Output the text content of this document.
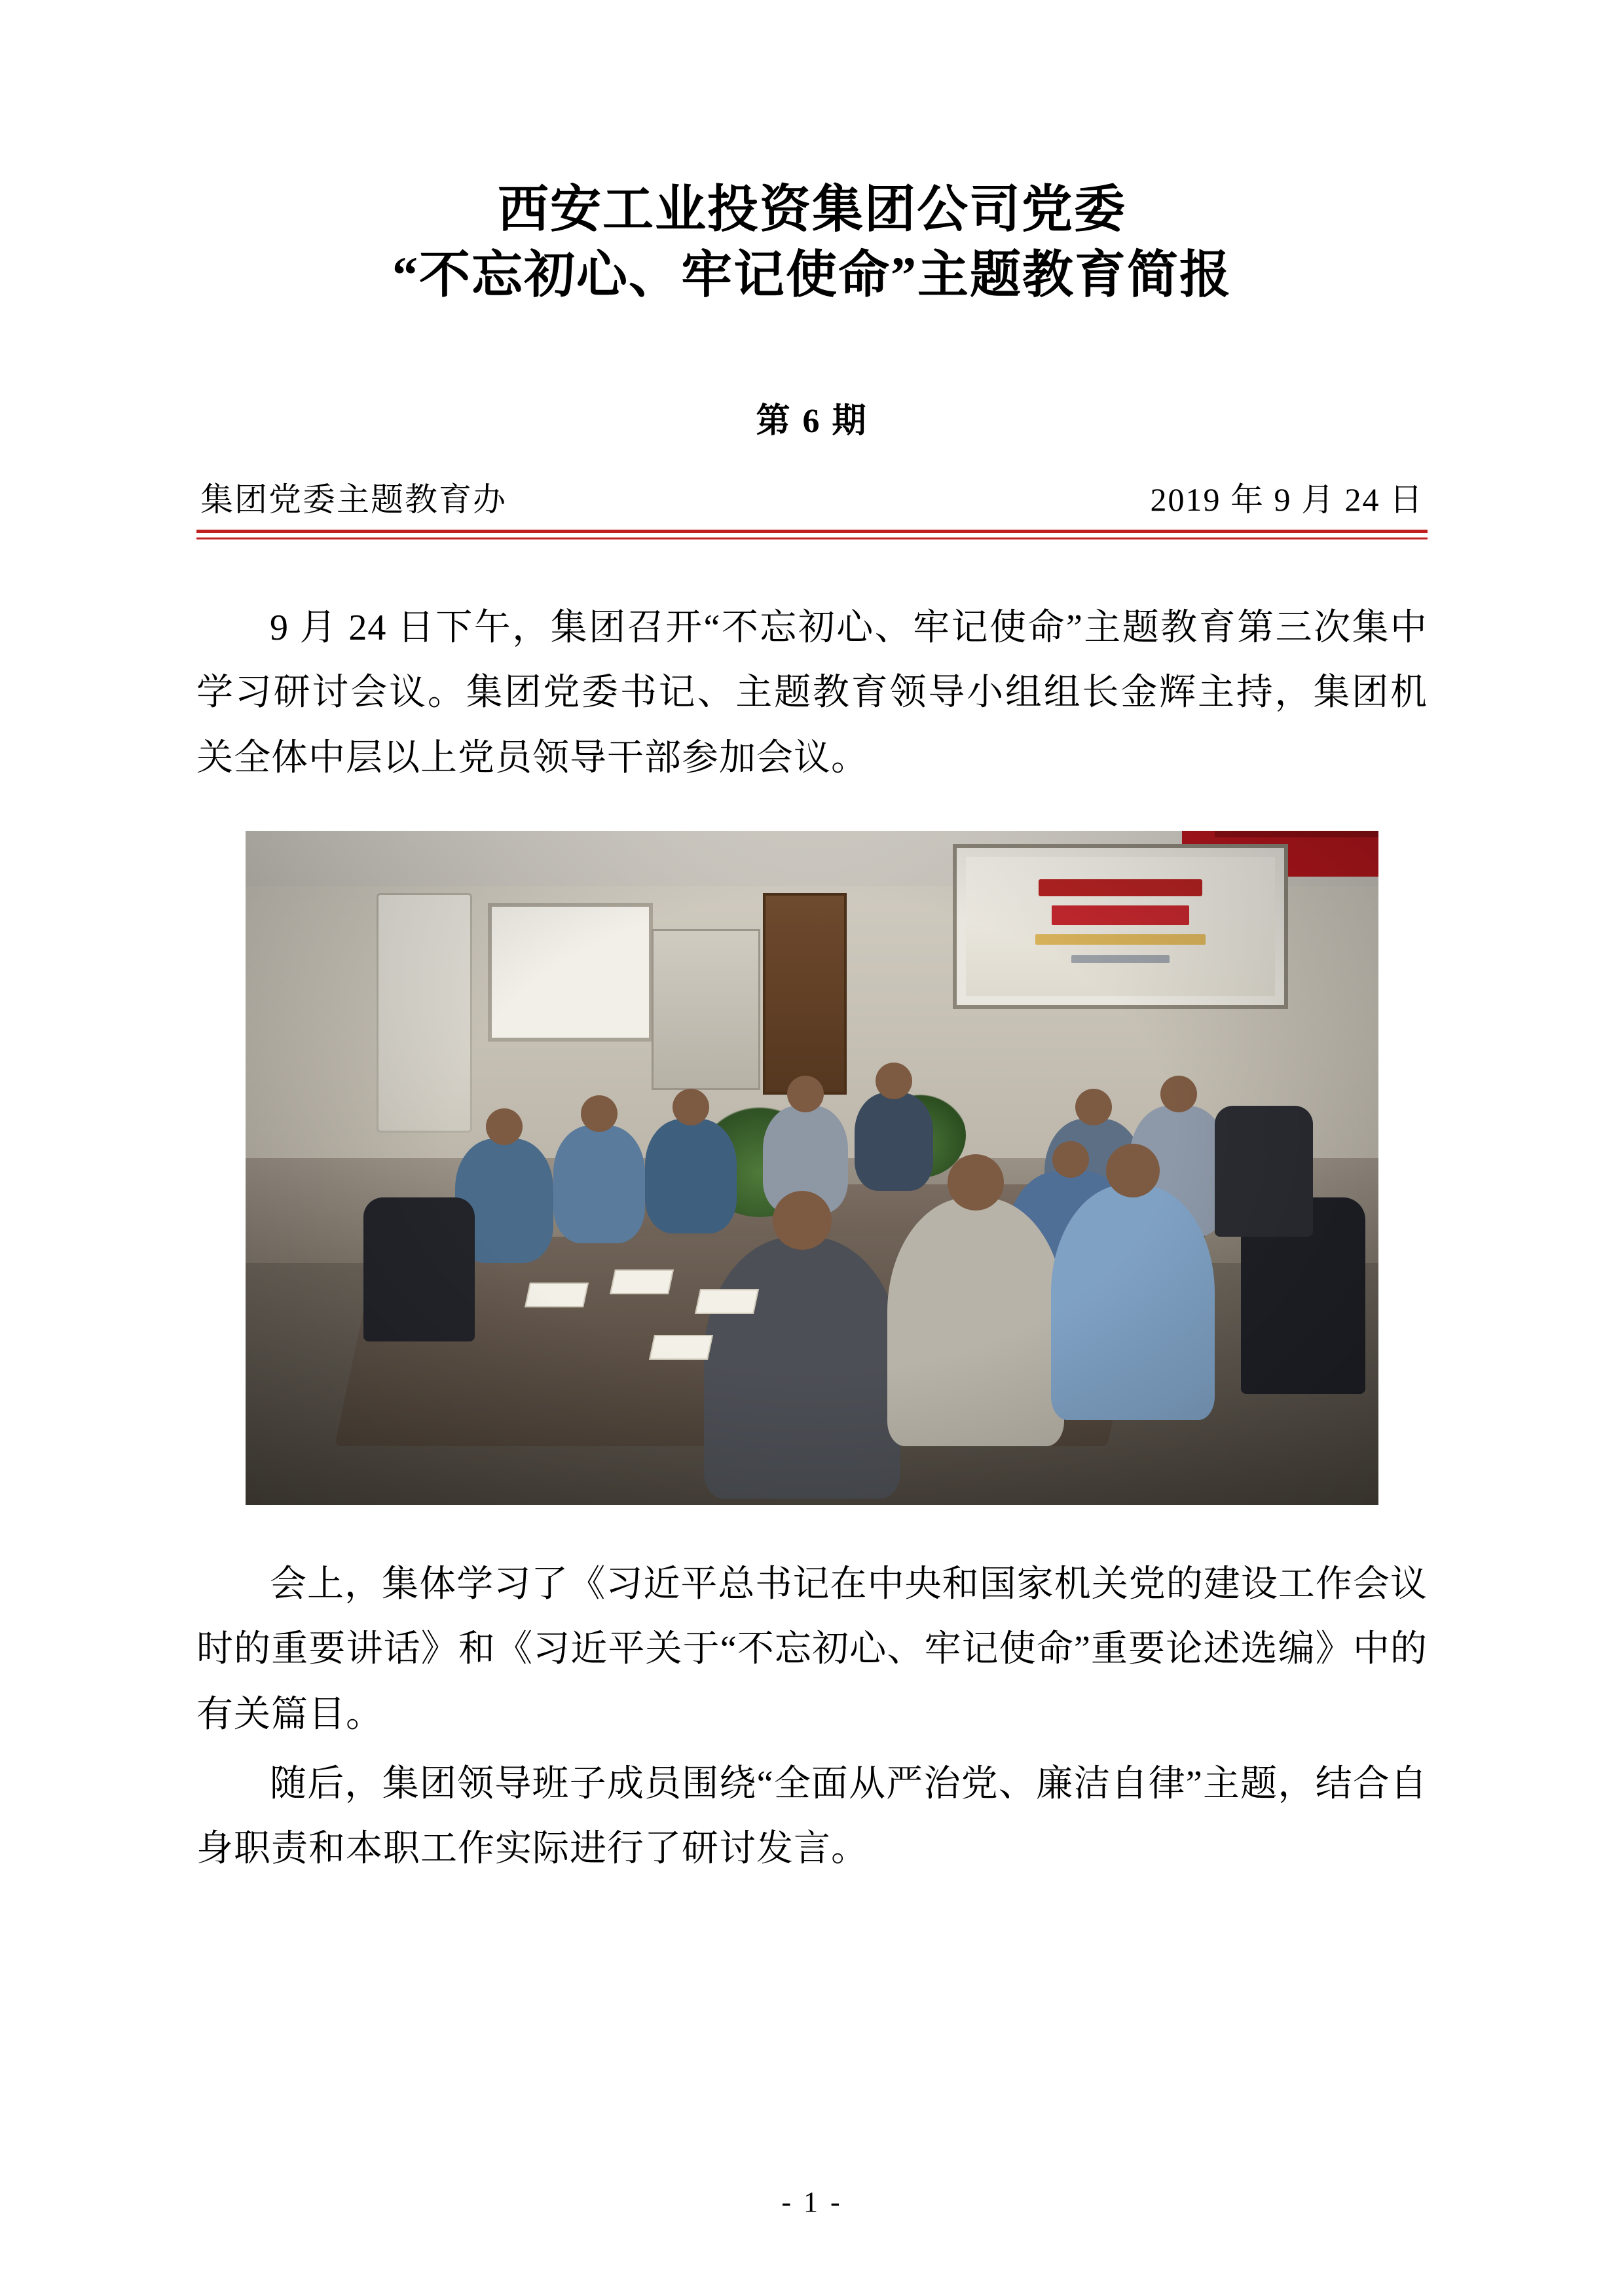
西安工业投资集团公司党委
“不忘初心、牢记使命”主题教育简报
第 6 期
集团党委主题教育办	2019 年 9 月 24 日

9 月 24 日下午，集团召开“不忘初心、牢记使命”主题教育第三次集中学习研讨会议。集团党委书记、主题教育领导小组组长金辉主持，集团机关全体中层以上党员领导干部参加会议。

会上，集体学习了《习近平总书记在中央和国家机关党的建设工作会议时的重要讲话》和《习近平关于“不忘初心、牢记使命”重要论述选编》中的有关篇目。

随后，集团领导班子成员围绕“全面从严治党、廉洁自律”主题，结合自身职责和本职工作实际进行了研讨发言。

- 1 -
